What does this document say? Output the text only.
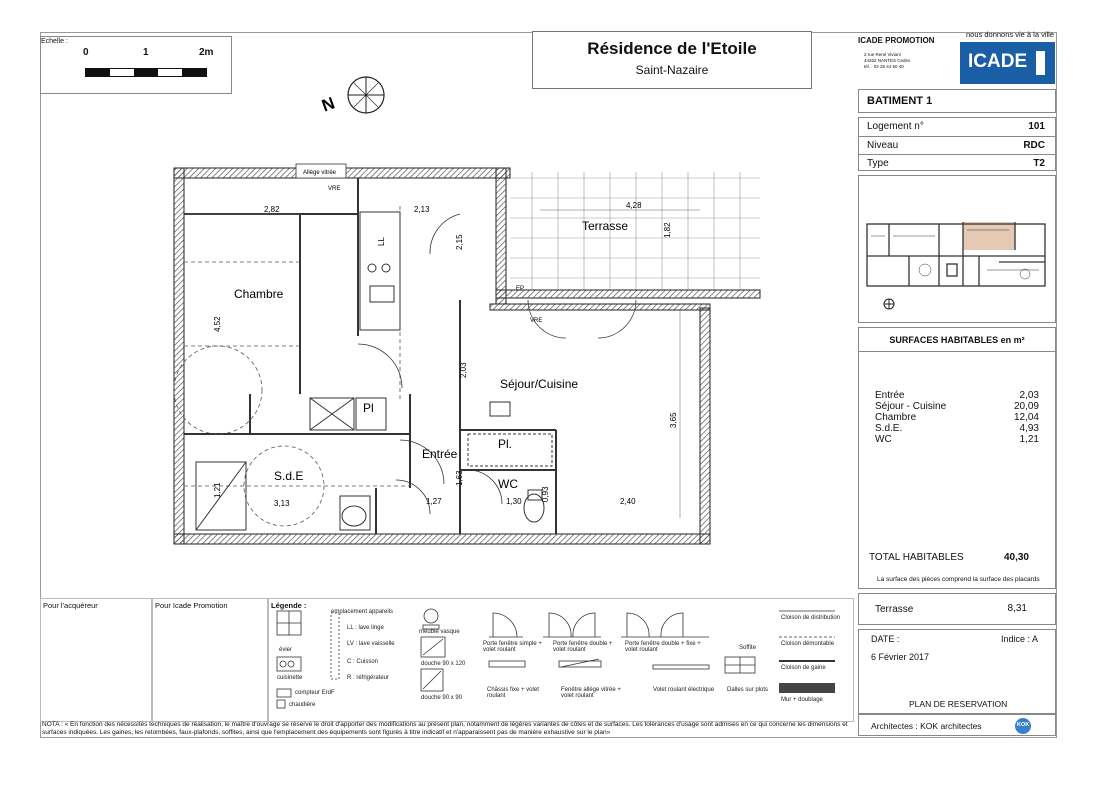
Echelle :
0	1	2m	Résidence de l'Etoile
Saint-Nazaire
N
ICADE PROMOTION
nous donnons vie à la ville
2 rue René Viviani
44262 NANTES Cedex
tél. : 02 28 44 50 40	ICADE
BATIMENT 1
Logement n°	101
Niveau	RDC
Type	T2
SURFACES HABITABLES en m²
Entrée	2,03
Séjour - Cuisine	20,09
Chambre	12,04
S.d.E.	4,93
WC	1,21
TOTAL HABITABLES	40,30
La surface des pièces comprend la surface des placards
Terrasse	8,31
DATE :	Indice : A
6 Février 2017
PLAN DE RESERVATION
Architectes : KOK architectes	KOK
Pour l'acquéreur	Pour Icade Promotion	Légende :
évier
cuisinette
compteur ErdF
chaudière
emplacement appareils
LL : lave linge
LV : lave vaisselle
C : Cuisson
R : réfrigérateur
meuble vasque
douche 90 x 120
douche 90 x 90
Porte fenêtre simple + volet roulant
Porte fenêtre double + volet roulant
Porte fenêtre double + fixe + volet roulant	Soffite
Châssis fixe + volet roulant
Fenêtre allège vitrée + volet roulant
Volet roulant électrique Dalles sur plots
Cloison de distribution
Cloison démontable
Cloison de gaine
Mur + doublage
NOTA : « En fonction des nécessités techniques de réalisation, le maître d'ouvrage se réserve le droit d'apporter des modifications au présent plan, notamment de légères variantes de côtes et de surfaces. Les tolérances d'usage sont admises en ce qui concerne les dimensions et surfaces indiquées. Les gaines, les retombées, faux-plafonds, soffites, ainsi que l'emplacement des équipements sont figurés à titre indicatif et n'apparaissent pas de manière exhaustive sur le plan»
Chambre
Terrasse
Séjour/Cuisine
Entrée
S.d.E
WC
Pl
Pl.
Allège vitrée
VRE
VRE
EP
LL
2,82	2,13	4,28
3,13	1,27	1,30	2,40
2,15
1,82
4,52
2,03
3,65
1,63
1,21	0,93
